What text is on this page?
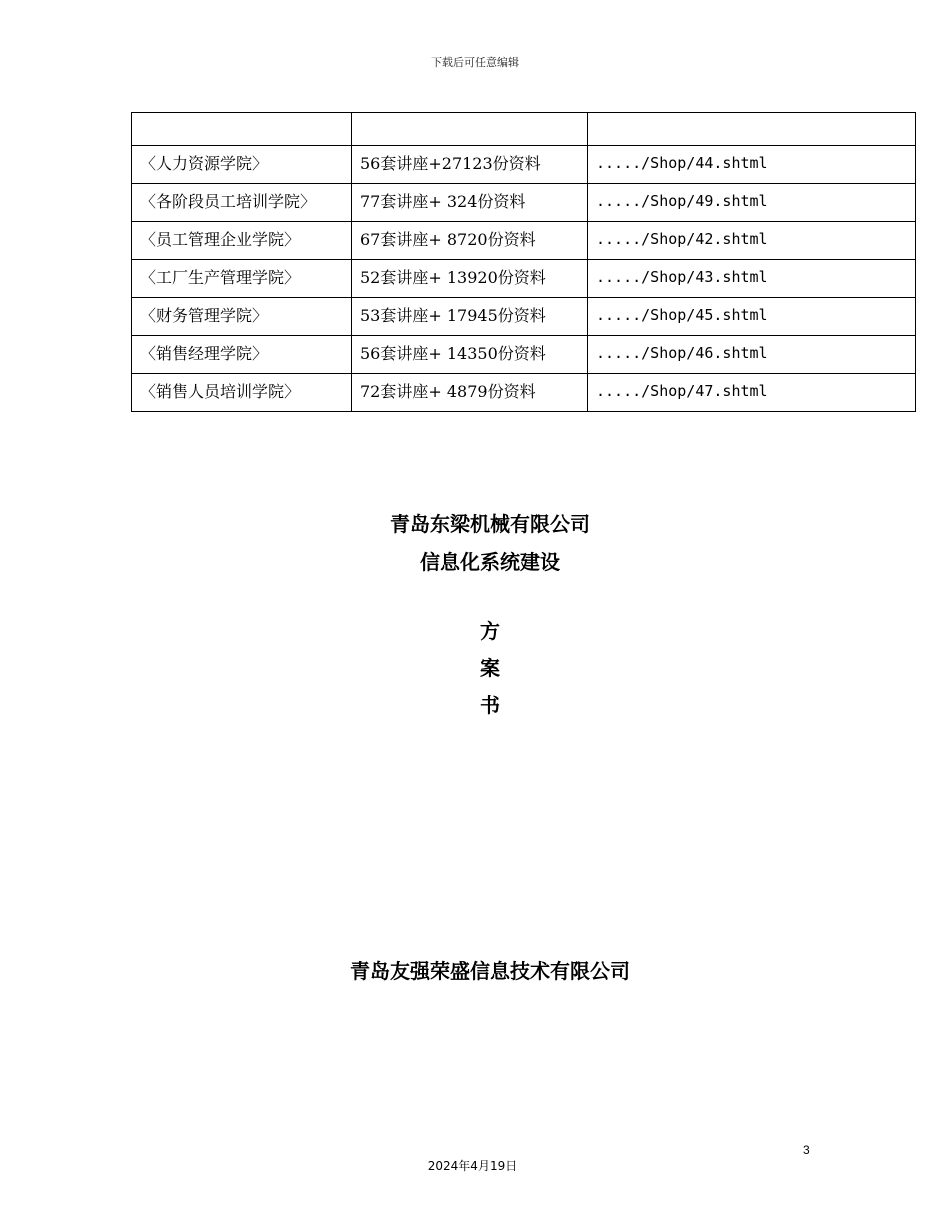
下载后可任意编辑

〈人力资源学院〉	56套讲座+27123份资料	...../Shop/44.shtml
〈各阶段员工培训学院〉	77套讲座+ 324份资料	...../Shop/49.shtml
〈员工管理企业学院〉	67套讲座+ 8720份资料	...../Shop/42.shtml
〈工厂生产管理学院〉	52套讲座+ 13920份资料	...../Shop/43.shtml
〈财务管理学院〉	53套讲座+ 17945份资料	...../Shop/45.shtml
〈销售经理学院〉	56套讲座+ 14350份资料	...../Shop/46.shtml
〈销售人员培训学院〉	72套讲座+ 4879份资料	...../Shop/47.shtml
青岛东梁机械有限公司
信息化系统建设
方
案
书
青岛友强荣盛信息技术有限公司
3
2024年4月19日
